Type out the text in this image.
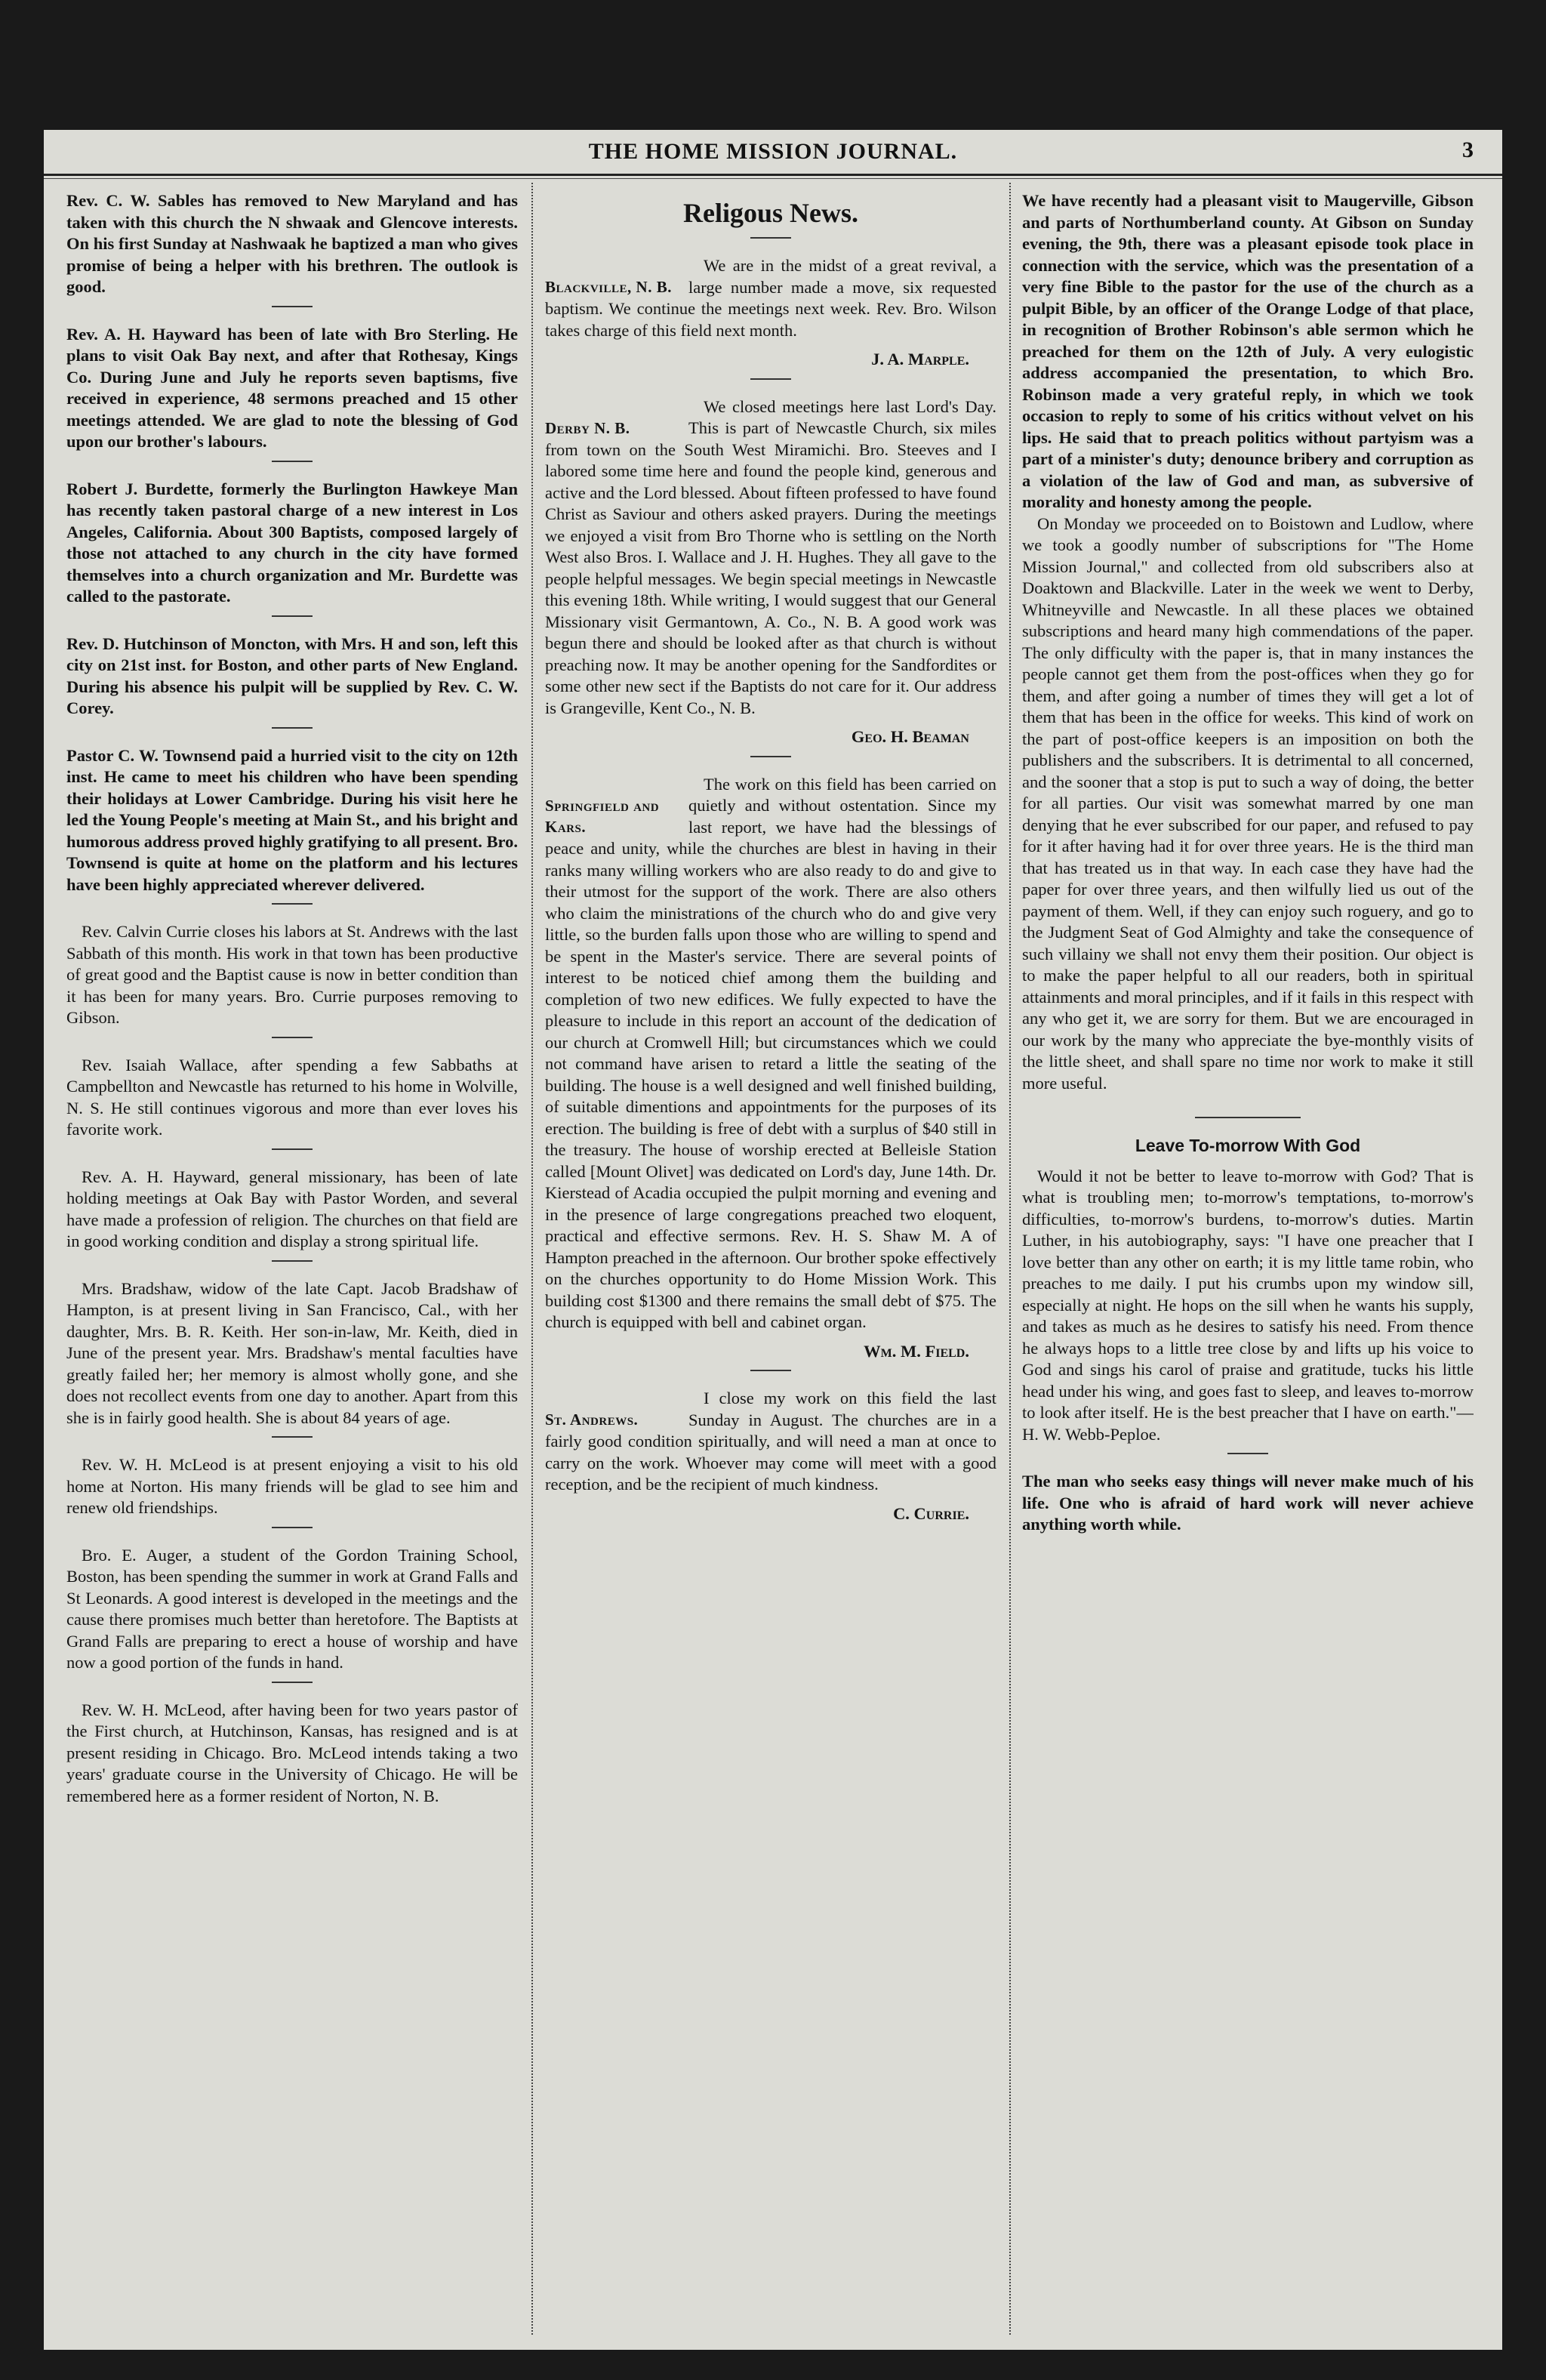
THE HOME MISSION JOURNAL.	3

Rev. C. W. Sables has removed to New Maryland and has taken with this church the N shwaak and Glencove interests. On his first Sunday at Nashwaak he baptized a man who gives promise of being a helper with his brethren. The outlook is good.

Rev. A. H. Hayward has been of late with Bro Sterling. He plans to visit Oak Bay next, and after that Rothesay, Kings Co. During June and July he reports seven baptisms, five received in experience, 48 sermons preached and 15 other meetings attended. We are glad to note the blessing of God upon our brother's labours.

Robert J. Burdette, formerly the Burlington Hawkeye Man has recently taken pastoral charge of a new interest in Los Angeles, California. About 300 Baptists, composed largely of those not attached to any church in the city have formed themselves into a church organization and Mr. Burdette was called to the pastorate.

Rev. D. Hutchinson of Moncton, with Mrs. H and son, left this city on 21st inst. for Boston, and other parts of New England. During his absence his pulpit will be supplied by Rev. C. W. Corey.

Pastor C. W. Townsend paid a hurried visit to the city on 12th inst. He came to meet his children who have been spending their holidays at Lower Cambridge. During his visit here he led the Young People's meeting at Main St., and his bright and humorous address proved highly gratifying to all present. Bro. Townsend is quite at home on the platform and his lectures have been highly appreciated wherever delivered.

Rev. Calvin Currie closes his labors at St. Andrews with the last Sabbath of this month. His work in that town has been productive of great good and the Baptist cause is now in better condition than it has been for many years. Bro. Currie purposes removing to Gibson.

Rev. Isaiah Wallace, after spending a few Sabbaths at Campbellton and Newcastle has returned to his home in Wolville, N. S. He still continues vigorous and more than ever loves his favorite work.

Rev. A. H. Hayward, general missionary, has been of late holding meetings at Oak Bay with Pastor Worden, and several have made a profession of religion. The churches on that field are in good working condition and display a strong spiritual life.

Mrs. Bradshaw, widow of the late Capt. Jacob Bradshaw of Hampton, is at present living in San Francisco, Cal., with her daughter, Mrs. B. R. Keith. Her son-in-law, Mr. Keith, died in June of the present year. Mrs. Bradshaw's mental faculties have greatly failed her; her memory is almost wholly gone, and she does not recollect events from one day to another. Apart from this she is in fairly good health. She is about 84 years of age.

Rev. W. H. McLeod is at present enjoying a visit to his old home at Norton. His many friends will be glad to see him and renew old friendships.

Bro. E. Auger, a student of the Gordon Training School, Boston, has been spending the summer in work at Grand Falls and St Leonards. A good interest is developed in the meetings and the cause there promises much better than heretofore. The Baptists at Grand Falls are preparing to erect a house of worship and have now a good portion of the funds in hand.

Rev. W. H. McLeod, after having been for two years pastor of the First church, at Hutchinson, Kansas, has resigned and is at present residing in Chicago. Bro. McLeod intends taking a two years' graduate course in the University of Chicago. He will be remembered here as a former resident of Norton, N. B.

Religous News.
Blackville, N. B.

We are in the midst of a great revival, a large number made a move, six requested baptism. We continue the meetings next week. Rev. Bro. Wilson takes charge of this field next month.

J. A. Marple.
Derby N. B.

We closed meetings here last Lord's Day. This is part of Newcastle Church, six miles from town on the South West Miramichi. Bro. Steeves and I labored some time here and found the people kind, generous and active and the Lord blessed. About fifteen professed to have found Christ as Saviour and others asked prayers. During the meetings we enjoyed a visit from Bro Thorne who is settling on the North West also Bros. I. Wallace and J. H. Hughes. They all gave to the people helpful messages. We begin special meetings in Newcastle this evening 18th. While writing, I would suggest that our General Missionary visit Germantown, A. Co., N. B. A good work was begun there and should be looked after as that church is without preaching now. It may be another opening for the Sandfordites or some other new sect if the Baptists do not care for it. Our address is Grangeville, Kent Co., N. B.

Geo. H. Beaman
Springfield and Kars.

The work on this field has been carried on quietly and without ostentation. Since my last report, we have had the blessings of peace and unity, while the churches are blest in having in their ranks many willing workers who are also ready to do and give to their utmost for the support of the work. There are also others who claim the ministrations of the church who do and give very little, so the burden falls upon those who are willing to spend and be spent in the Master's service. There are several points of interest to be noticed chief among them the building and completion of two new edifices. We fully expected to have the pleasure to include in this report an account of the dedication of our church at Cromwell Hill; but circumstances which we could not command have arisen to retard a little the seating of the building. The house is a well designed and well finished building, of suitable dimentions and appointments for the purposes of its erection. The building is free of debt with a surplus of $40 still in the treasury. The house of worship erected at Belleisle Station called [Mount Olivet] was dedicated on Lord's day, June 14th. Dr. Kierstead of Acadia occupied the pulpit morning and evening and in the presence of large congregations preached two eloquent, practical and effective sermons. Rev. H. S. Shaw M. A of Hampton preached in the afternoon. Our brother spoke effectively on the churches opportunity to do Home Mission Work. This building cost $1300 and there remains the small debt of $75. The church is equipped with bell and cabinet organ.

Wm. M. Field.
St. Andrews.

I close my work on this field the last Sunday in August. The churches are in a fairly good condition spiritually, and will need a man at once to carry on the work. Whoever may come will meet with a good reception, and be the recipient of much kindness.

C. Currie.

We have recently had a pleasant visit to Maugerville, Gibson and parts of Northumberland county. At Gibson on Sunday evening, the 9th, there was a pleasant episode took place in connection with the service, which was the presentation of a very fine Bible to the pastor for the use of the church as a pulpit Bible, by an officer of the Orange Lodge of that place, in recognition of Brother Robinson's able sermon which he preached for them on the 12th of July. A very eulogistic address accompanied the presentation, to which Bro. Robinson made a very grateful reply, in which we took occasion to reply to some of his critics without velvet on his lips. He said that to preach politics without partyism was a part of a minister's duty; denounce bribery and corruption as a violation of the law of God and man, as subversive of morality and honesty among the people.

On Monday we proceeded on to Boistown and Ludlow, where we took a goodly number of subscriptions for "The Home Mission Journal," and collected from old subscribers also at Doaktown and Blackville. Later in the week we went to Derby, Whitneyville and Newcastle. In all these places we obtained subscriptions and heard many high commendations of the paper. The only difficulty with the paper is, that in many instances the people cannot get them from the post-offices when they go for them, and after going a number of times they will get a lot of them that has been in the office for weeks. This kind of work on the part of post-office keepers is an imposition on both the publishers and the subscribers. It is detrimental to all concerned, and the sooner that a stop is put to such a way of doing, the better for all parties. Our visit was somewhat marred by one man denying that he ever subscribed for our paper, and refused to pay for it after having had it for over three years. He is the third man that has treated us in that way. In each case they have had the paper for over three years, and then wilfully lied us out of the payment of them. Well, if they can enjoy such roguery, and go to the Judgment Seat of God Almighty and take the consequence of such villainy we shall not envy them their position. Our object is to make the paper helpful to all our readers, both in spiritual attainments and moral principles, and if it fails in this respect with any who get it, we are sorry for them. But we are encouraged in our work by the many who appreciate the bye-monthly visits of the little sheet, and shall spare no time nor work to make it still more useful.

Leave To-morrow With God

Would it not be better to leave to-morrow with God? That is what is troubling men; to-morrow's temptations, to-morrow's difficulties, to-morrow's burdens, to-morrow's duties. Martin Luther, in his autobiography, says: "I have one preacher that I love better than any other on earth; it is my little tame robin, who preaches to me daily. I put his crumbs upon my window sill, especially at night. He hops on the sill when he wants his supply, and takes as much as he desires to satisfy his need. From thence he always hops to a little tree close by and lifts up his voice to God and sings his carol of praise and gratitude, tucks his little head under his wing, and goes fast to sleep, and leaves to-morrow to look after itself. He is the best preacher that I have on earth."—H. W. Webb-Peploe.

The man who seeks easy things will never make much of his life. One who is afraid of hard work will never achieve anything worth while.
